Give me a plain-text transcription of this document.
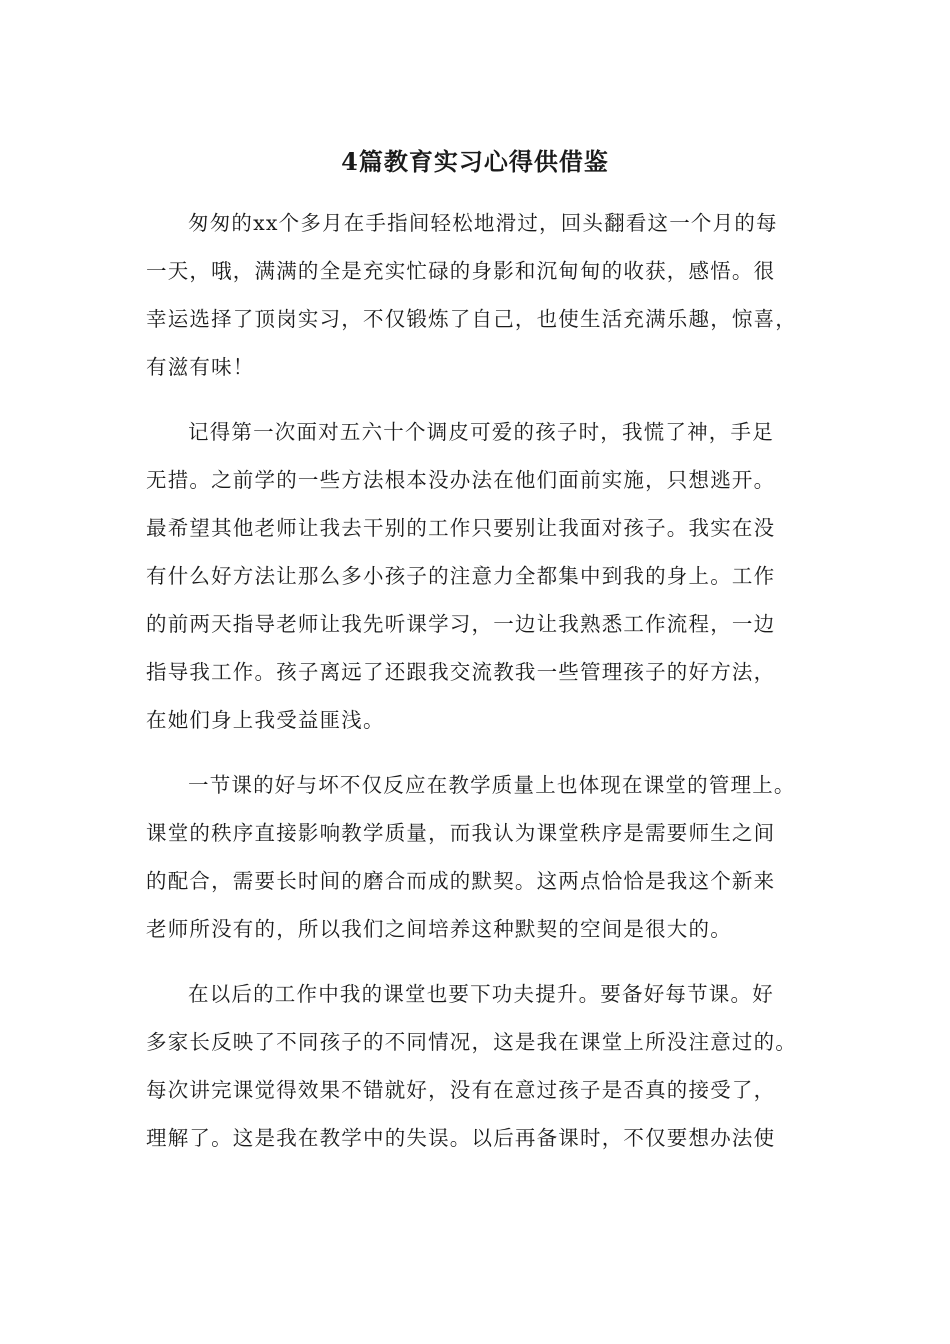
4篇教育实习心得供借鉴
匆匆的xx个多月在手指间轻松地滑过，回头翻看这一个月的每
一天，哦，满满的全是充实忙碌的身影和沉甸甸的收获，感悟。很
幸运选择了顶岗实习，不仅锻炼了自己，也使生活充满乐趣，惊喜，
有滋有味！
记得第一次面对五六十个调皮可爱的孩子时，我慌了神，手足
无措。之前学的一些方法根本没办法在他们面前实施，只想逃开。
最希望其他老师让我去干别的工作只要别让我面对孩子。我实在没
有什么好方法让那么多小孩子的注意力全都集中到我的身上。工作
的前两天指导老师让我先听课学习，一边让我熟悉工作流程，一边
指导我工作。孩子离远了还跟我交流教我一些管理孩子的好方法，
在她们身上我受益匪浅。
一节课的好与坏不仅反应在教学质量上也体现在课堂的管理上。
课堂的秩序直接影响教学质量，而我认为课堂秩序是需要师生之间
的配合，需要长时间的磨合而成的默契。这两点恰恰是我这个新来
老师所没有的，所以我们之间培养这种默契的空间是很大的。
在以后的工作中我的课堂也要下功夫提升。要备好每节课。好
多家长反映了不同孩子的不同情况，这是我在课堂上所没注意过的。
每次讲完课觉得效果不错就好，没有在意过孩子是否真的接受了，
理解了。这是我在教学中的失误。以后再备课时，不仅要想办法使
